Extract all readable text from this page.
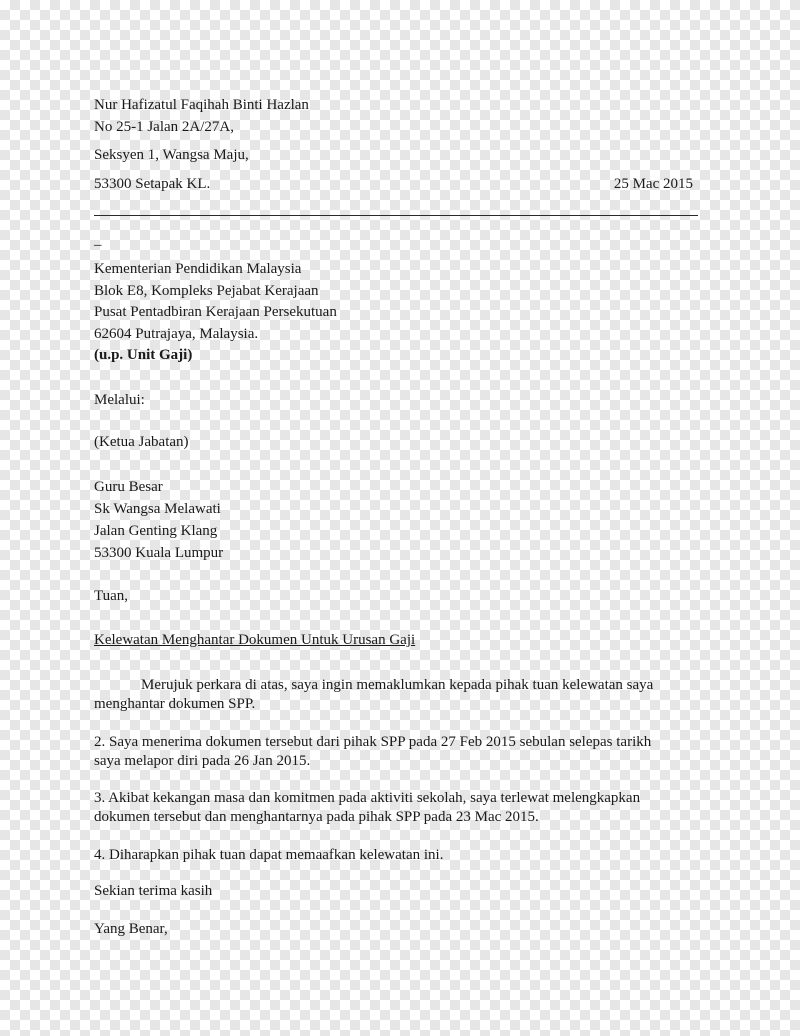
Nur Hafizatul Faqihah Binti Hazlan
No 25-1 Jalan 2A/27A,
Seksyen 1, Wangsa Maju,
53300 Setapak KL.	25 Mac 2015
–
Kementerian Pendidikan Malaysia
Blok E8, Kompleks Pejabat Kerajaan
Pusat Pentadbiran Kerajaan Persekutuan
62604 Putrajaya, Malaysia.
(u.p. Unit Gaji)
Melalui:
(Ketua Jabatan)
Guru Besar
Sk Wangsa Melawati
Jalan Genting Klang
53300 Kuala Lumpur
Tuan,
Kelewatan Menghantar Dokumen Untuk Urusan Gaji
Merujuk perkara di atas, saya ingin memaklumkan kepada pihak tuan kelewatan saya
menghantar dokumen SPP.
2. Saya menerima dokumen tersebut dari pihak SPP pada 27 Feb 2015 sebulan selepas tarikh
saya melapor diri pada 26 Jan 2015.
3. Akibat kekangan masa dan komitmen pada aktiviti sekolah, saya terlewat melengkapkan
dokumen tersebut dan menghantarnya pada pihak SPP pada 23 Mac 2015.
4. Diharapkan pihak tuan dapat memaafkan kelewatan ini.
Sekian terima kasih
Yang Benar,
